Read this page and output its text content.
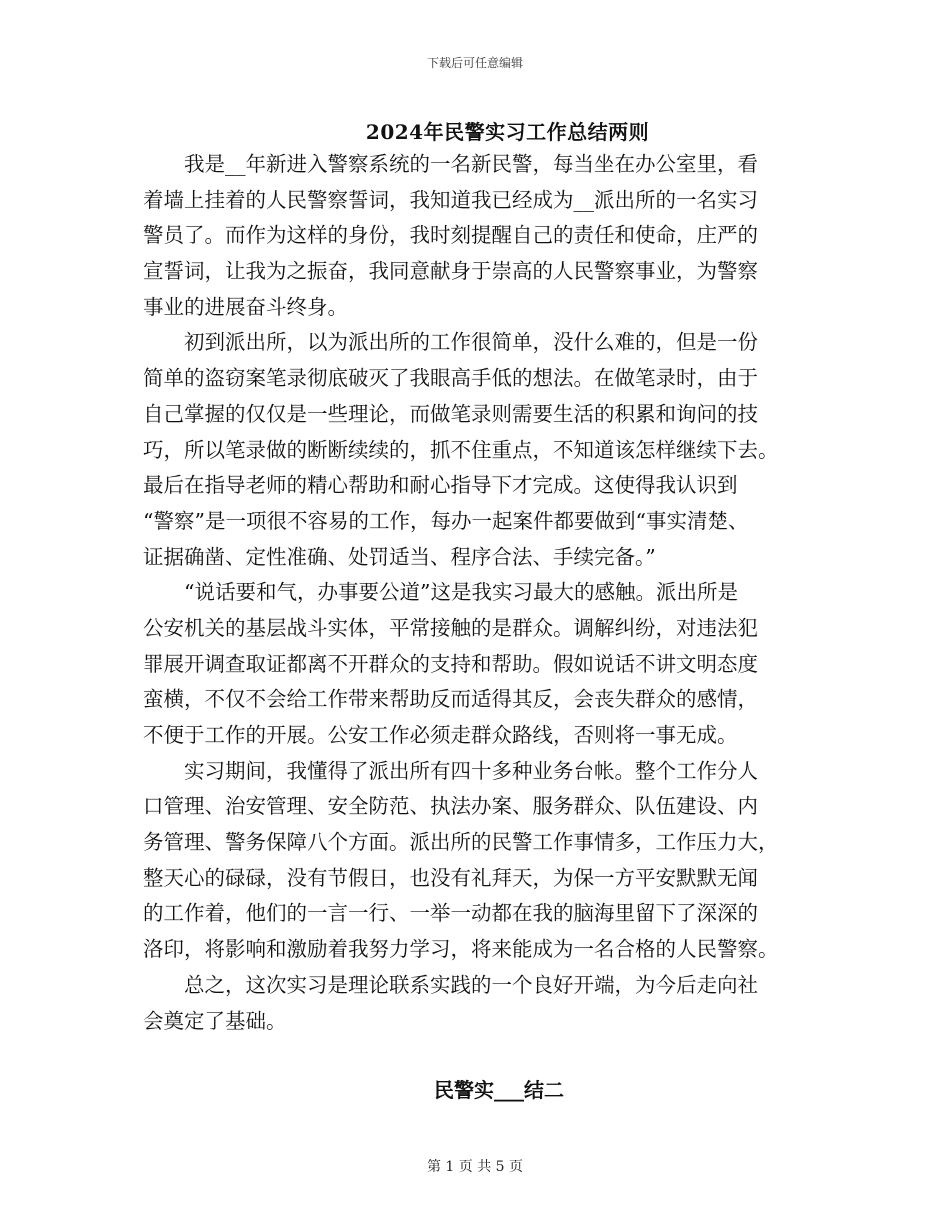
下载后可任意编辑
2024年民警实习工作总结两则
我是__年新进入警察系统的一名新民警，每当坐在办公室里，看
着墙上挂着的人民警察誓词，我知道我已经成为__派出所的一名实习
警员了。而作为这样的身份，我时刻提醒自己的责任和使命，庄严的
宣誓词，让我为之振奋，我同意献身于崇高的人民警察事业，为警察
事业的进展奋斗终身。
初到派出所，以为派出所的工作很简单，没什么难的，但是一份
简单的盗窃案笔录彻底破灭了我眼高手低的想法。在做笔录时，由于
自己掌握的仅仅是一些理论，而做笔录则需要生活的积累和询问的技
巧，所以笔录做的断断续续的，抓不住重点，不知道该怎样继续下去。
最后在指导老师的精心帮助和耐心指导下才完成。这使得我认识到
“警察”是一项很不容易的工作，每办一起案件都要做到“事实清楚、
证据确凿、定性准确、处罚适当、程序合法、手续完备。”
“说话要和气，办事要公道”这是我实习最大的感触。派出所是
公安机关的基层战斗实体，平常接触的是群众。调解纠纷，对违法犯
罪展开调查取证都离不开群众的支持和帮助。假如说话不讲文明态度
蛮横，不仅不会给工作带来帮助反而适得其反，会丧失群众的感情，
不便于工作的开展。公安工作必须走群众路线，否则将一事无成。
实习期间，我懂得了派出所有四十多种业务台帐。整个工作分人
口管理、治安管理、安全防范、执法办案、服务群众、队伍建设、内
务管理、警务保障八个方面。派出所的民警工作事情多，工作压力大，
整天心的碌碌，没有节假日，也没有礼拜天，为保一方平安默默无闻
的工作着，他们的一言一行、一举一动都在我的脑海里留下了深深的
洛印，将影响和激励着我努力学习，将来能成为一名合格的人民警察。
总之，这次实习是理论联系实践的一个良好开端，为今后走向社
会奠定了基础。
民警实___结二
第 1 页 共 5 页
